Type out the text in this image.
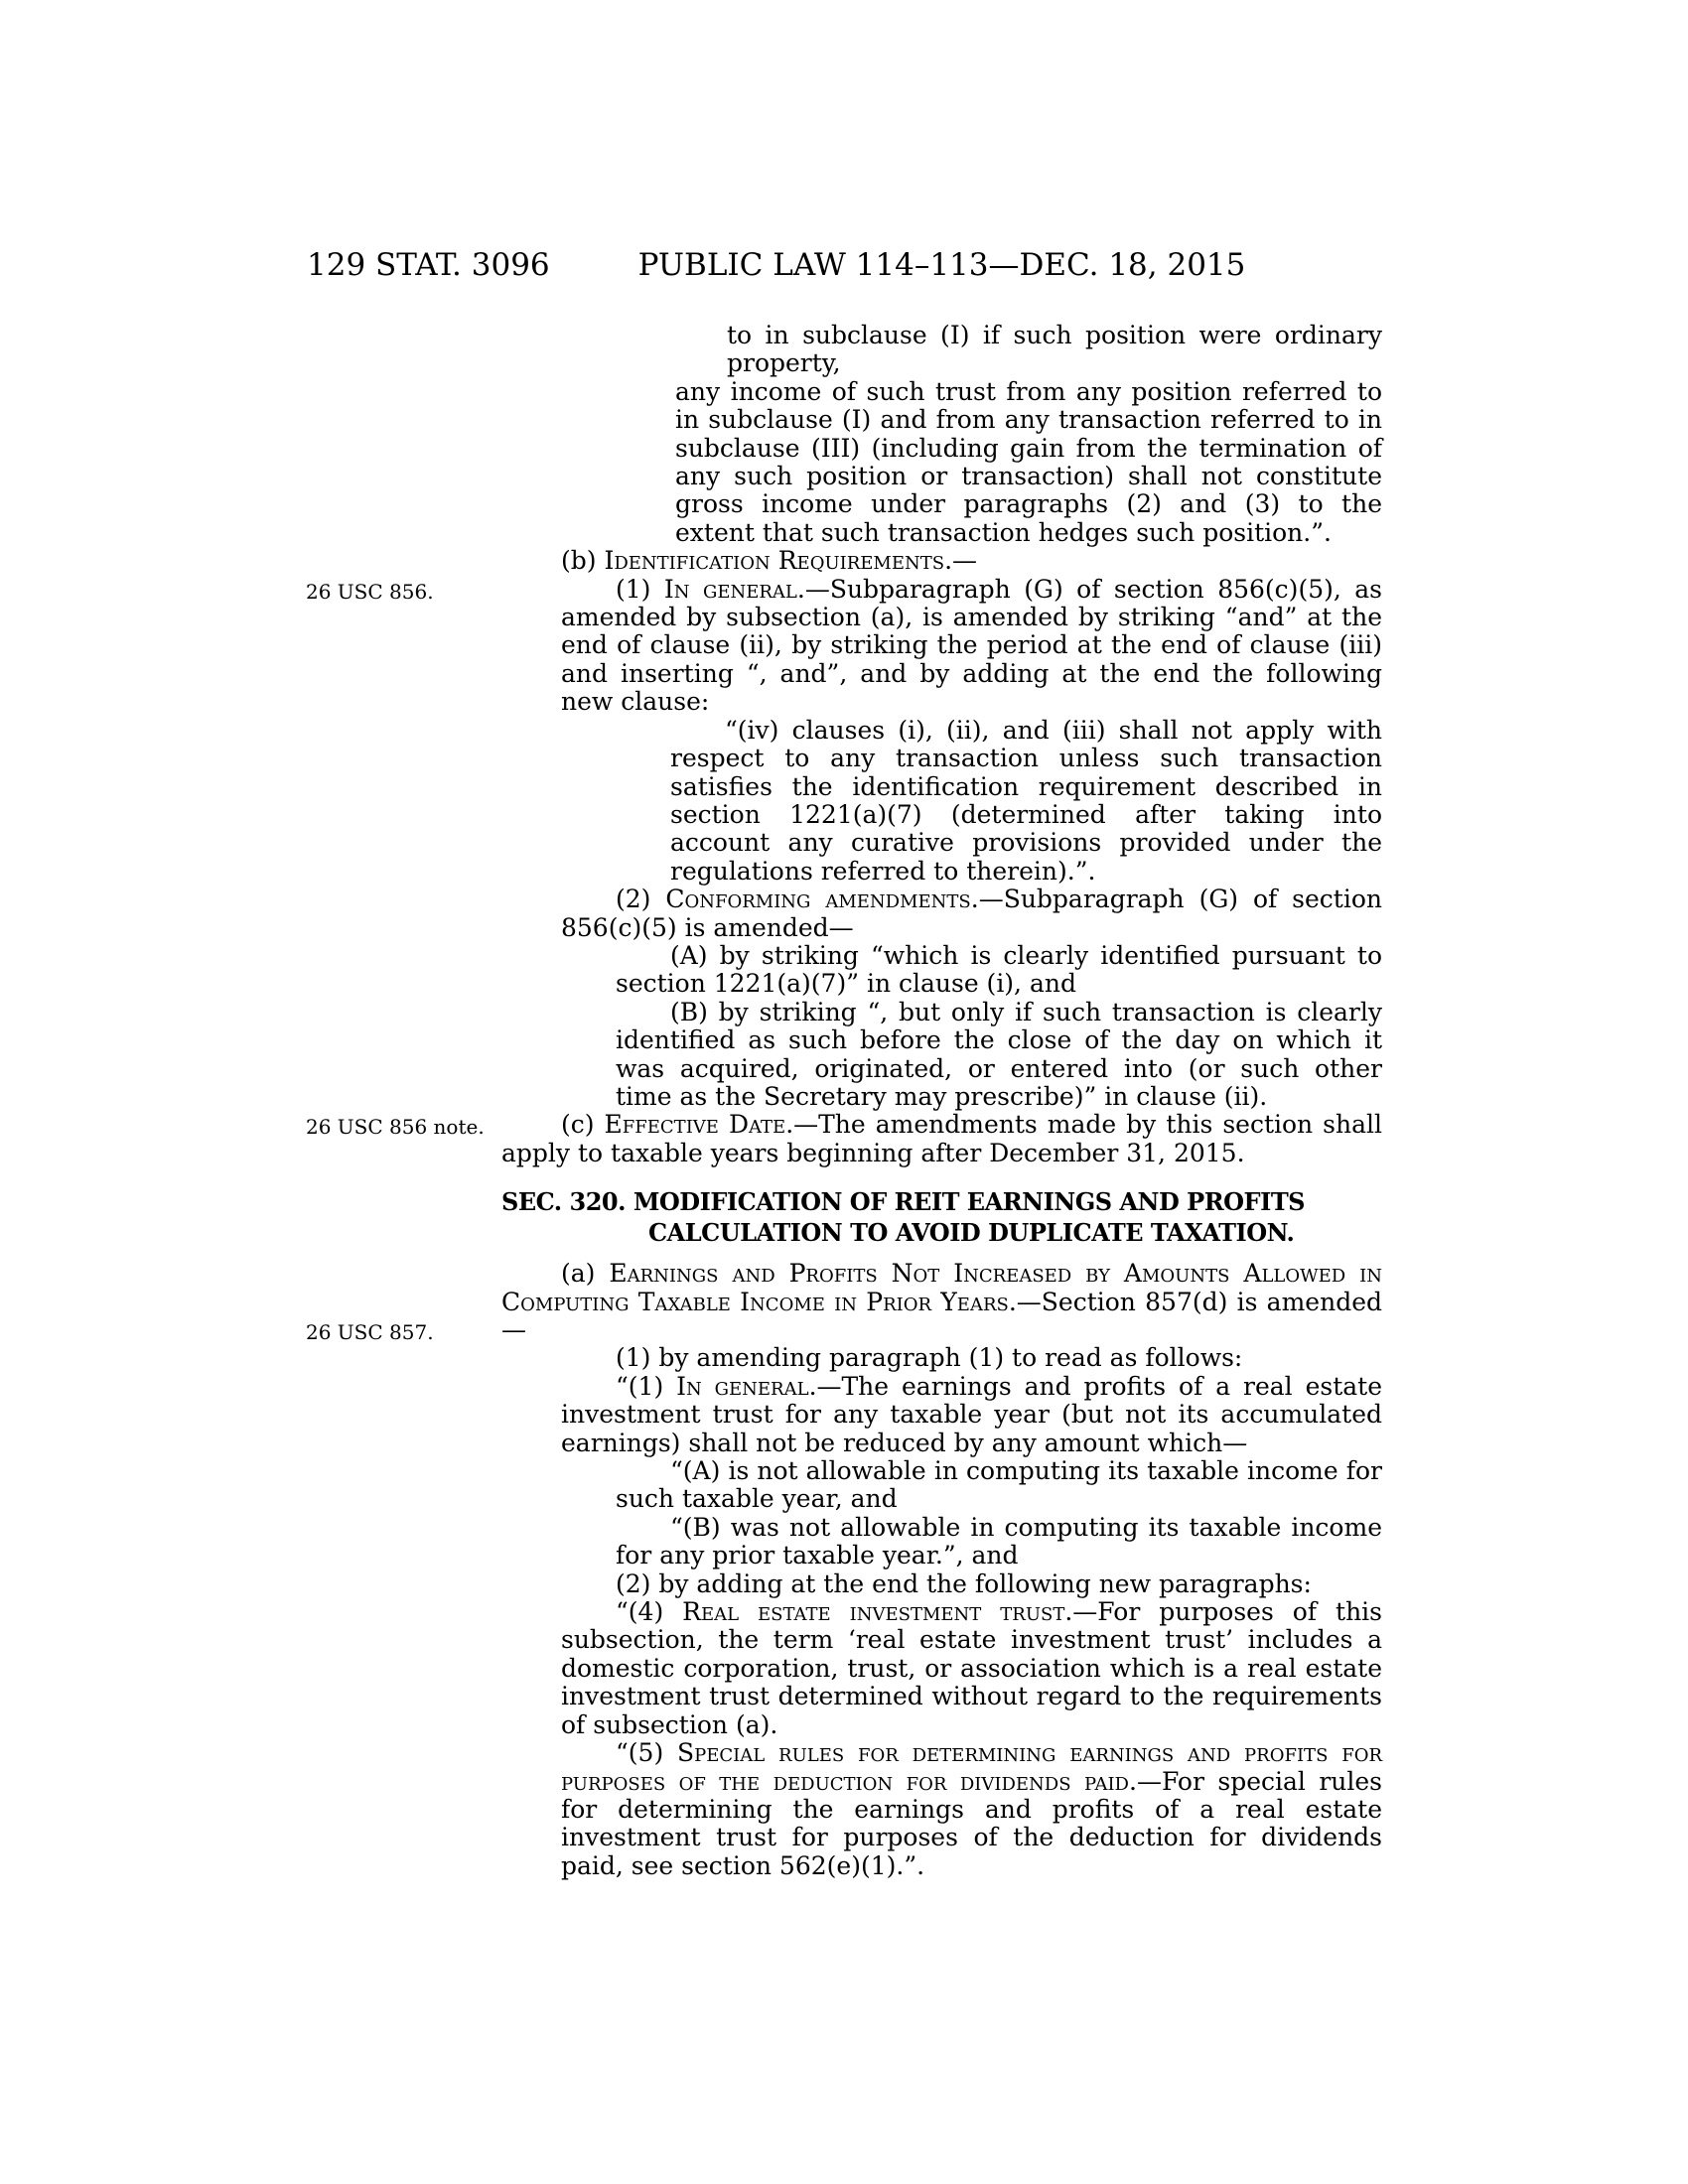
129 STAT. 3096	PUBLIC LAW 114–113—DEC. 18, 2015
to in subclause (I) if such position were ordinary property,
any income of such trust from any position referred to in subclause (I) and from any transaction referred to in subclause (III) (including gain from the termination of any such position or transaction) shall not constitute gross income under paragraphs (2) and (3) to the extent that such transaction hedges such position.”.
(b) Identification Requirements.—
(1) In general.—Subparagraph (G) of section 856(c)(5), as amended by subsection (a), is amended by striking “and” at the end of clause (ii), by striking the period at the end of clause (iii) and inserting “, and”, and by adding at the end the following new clause:
26 USC 856.
“(iv) clauses (i), (ii), and (iii) shall not apply with respect to any transaction unless such transaction satisfies the identification requirement described in section 1221(a)(7) (determined after taking into account any curative provisions provided under the regulations referred to therein).”.
(2) Conforming amendments.—Subparagraph (G) of section 856(c)(5) is amended—
(A) by striking “which is clearly identified pursuant to section 1221(a)(7)” in clause (i), and
(B) by striking “, but only if such transaction is clearly identified as such before the close of the day on which it was acquired, originated, or entered into (or such other time as the Secretary may prescribe)” in clause (ii).
(c) Effective Date.—The amendments made by this section shall apply to taxable years beginning after December 31, 2015.
26 USC 856 note.
SEC. 320. MODIFICATION OF REIT EARNINGS AND PROFITS CALCULATION TO AVOID DUPLICATE TAXATION.
(a) Earnings and Profits Not Increased by Amounts Allowed in Computing Taxable Income in Prior Years.—Section 857(d) is amended—
26 USC 857.
(1) by amending paragraph (1) to read as follows:
“(1) In general.—The earnings and profits of a real estate investment trust for any taxable year (but not its accumulated earnings) shall not be reduced by any amount which—
“(A) is not allowable in computing its taxable income for such taxable year, and
“(B) was not allowable in computing its taxable income for any prior taxable year.”, and
(2) by adding at the end the following new paragraphs:
“(4) Real estate investment trust.—For purposes of this subsection, the term ‘real estate investment trust’ includes a domestic corporation, trust, or association which is a real estate investment trust determined without regard to the requirements of subsection (a).
“(5) Special rules for determining earnings and profits for purposes of the deduction for dividends paid.—For special rules for determining the earnings and profits of a real estate investment trust for purposes of the deduction for dividends paid, see section 562(e)(1).”.
